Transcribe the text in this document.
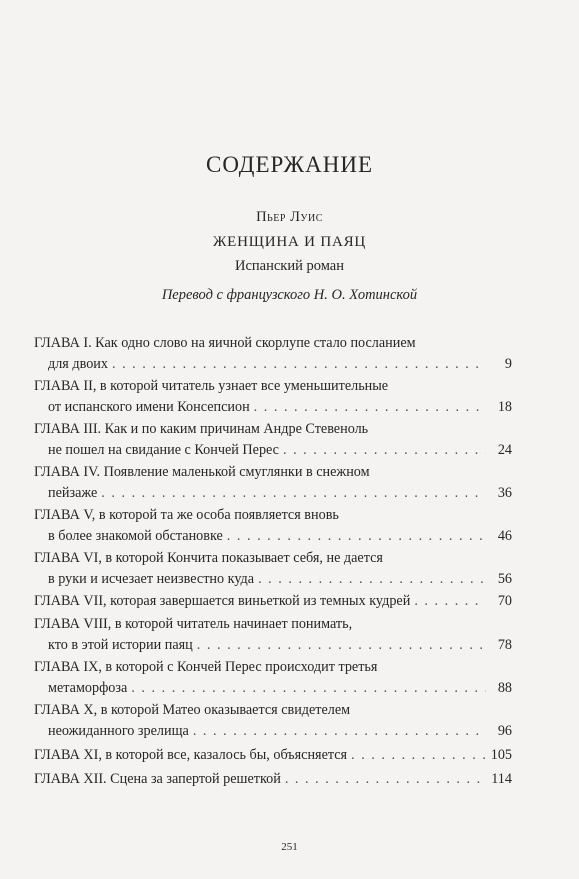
СОДЕРЖАНИЕ
Пьер Луис
ЖЕНЩИНА И ПАЯЦ
Испанский роман
Перевод с французского Н. О. Хотинской
ГЛАВА I. Как одно слово на яичной скорлупе стало посланием
для двоих . . .	9
ГЛАВА II, в которой читатель узнает все уменьшительные
от испанского имени Консепсион . . .	18
ГЛАВА III. Как и по каким причинам Андре Стевеноль
не пошел на свидание с Кончей Перес . . .	24
ГЛАВА IV. Появление маленькой смуглянки в снежном
пейзаже . . .	36
ГЛАВА V, в которой та же особа появляется вновь
в более знакомой обстановке . . .	46
ГЛАВА VI, в которой Кончита показывает себя, не дается
в руки и исчезает неизвестно куда . . .	56
ГЛАВА VII, которая завершается виньеткой из темных кудрей . . .	70
ГЛАВА VIII, в которой читатель начинает понимать,
кто в этой истории паяц . . .	78
ГЛАВА IX, в которой с Кончей Перес происходит третья
метаморфоза . . .	88
ГЛАВА X, в которой Матео оказывается свидетелем
неожиданного зрелища . . .	96
ГЛАВА XI, в которой все, казалось бы, объясняется . . .	105
ГЛАВА XII. Сцена за запертой решеткой . . .	114
251
